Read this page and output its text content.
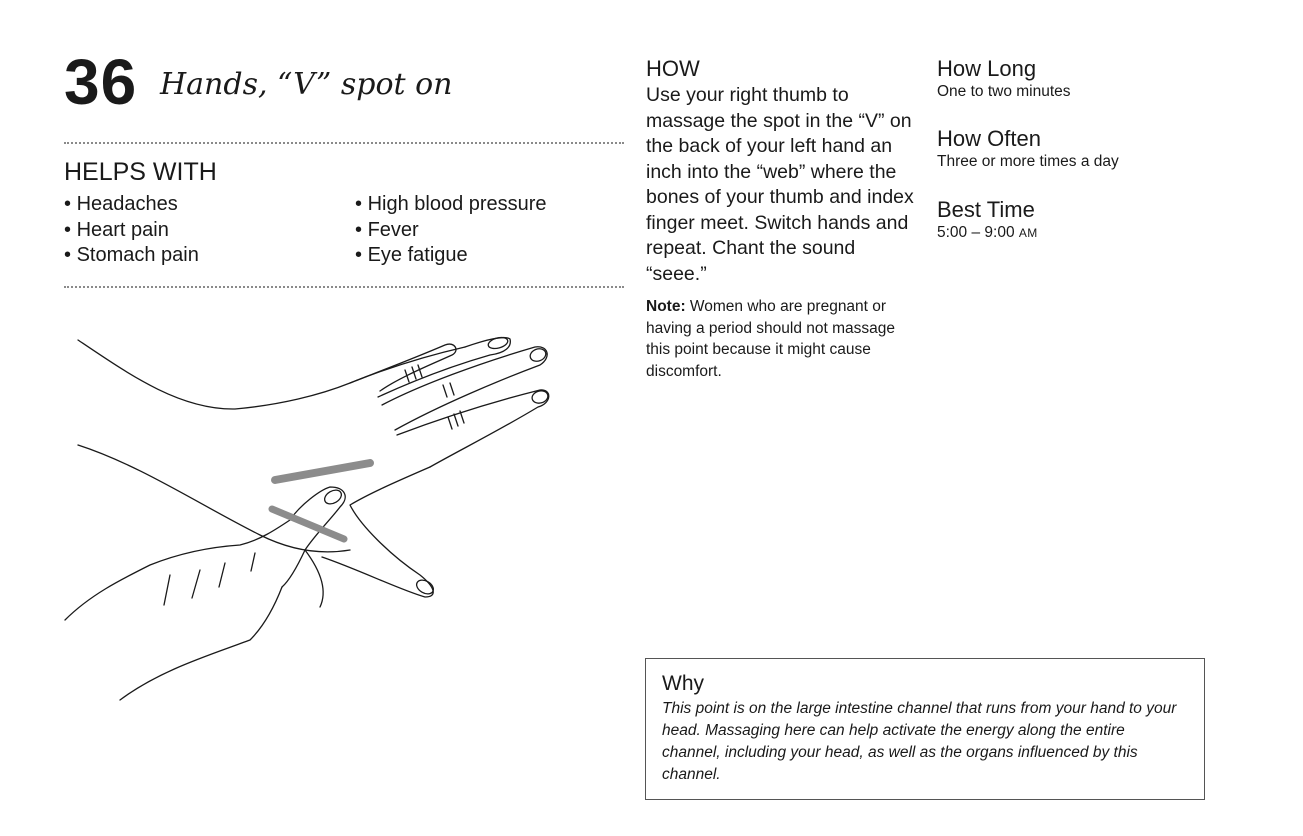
36 Hands, “V” spot on
HELPS WITH
• Headaches
• Heart pain
• Stomach pain
• High blood pressure
• Fever
• Eye fatigue
HOW

Use your right thumb to massage the spot in the “V” on the back of your left hand an inch into the “web” where the bones of your thumb and index finger meet. Switch hands and repeat. Chant the sound “seee.”

Note: Women who are pregnant or having a period should not massage this point because it might cause discomfort.

How Long
One to two minutes
How Often
Three or more times a day
Best Time
5:00 – 9:00 AM
Why

This point is on the large intestine channel that runs from your hand to your head. Massaging here can help activate the energy along the entire channel, including your head, as well as the organs influenced by this channel.
